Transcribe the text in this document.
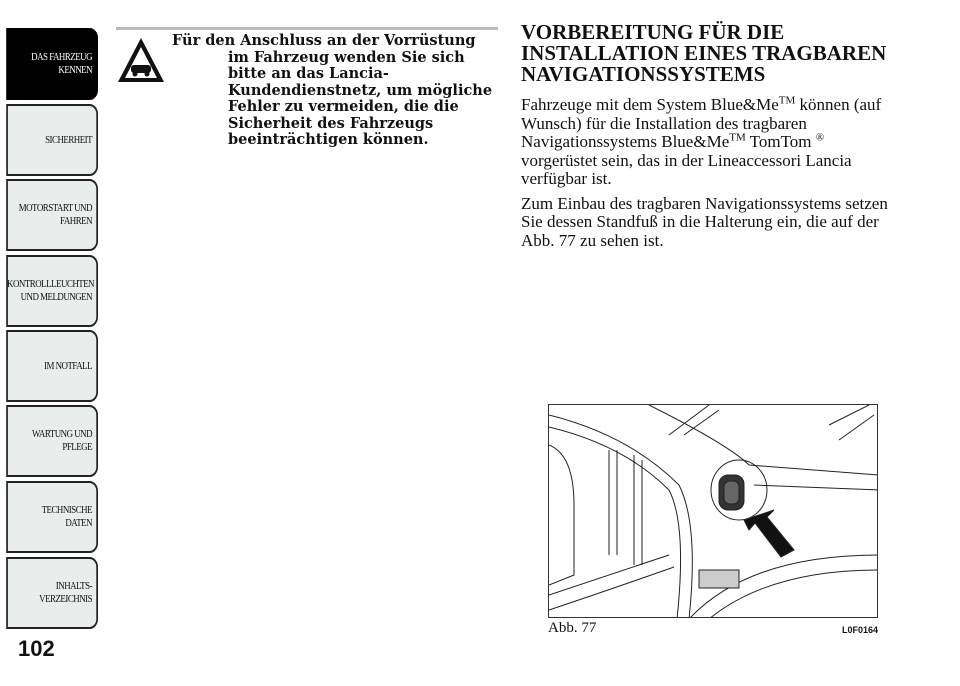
DAS FAHRZEUG KENNEN
SICHERHEIT
MOTORSTART UND FAHREN
KONTROLLLEUCHTEN UND MELDUNGEN
IM NOTFALL
WARTUNG UND PFLEGE
TECHNISCHE DATEN
INHALTS-VERZEICHNIS
102
Für den Anschluss an der Vorrüstung im Fahrzeug wenden Sie sich bitte an das Lancia-Kundendienstnetz, um mögliche Fehler zu vermeiden, die die Sicherheit des Fahrzeugs beeinträchtigen können.
VORBEREITUNG FÜR DIE INSTALLATION EINES TRAGBAREN NAVIGATIONSSYSTEMS

Fahrzeuge mit dem System Blue&Me™ können (auf Wunsch) für die Installation des tragbaren Navigationssystems Blue&Me™ TomTom ® vorgerüstet sein, das in der Lineaccessori Lancia verfügbar ist.

Zum Einbau des tragbaren Navigationssystems setzen Sie dessen Standfuß in die Halterung ein, die auf der Abb. 77 zu sehen ist.

Abb. 77	L0F0164
